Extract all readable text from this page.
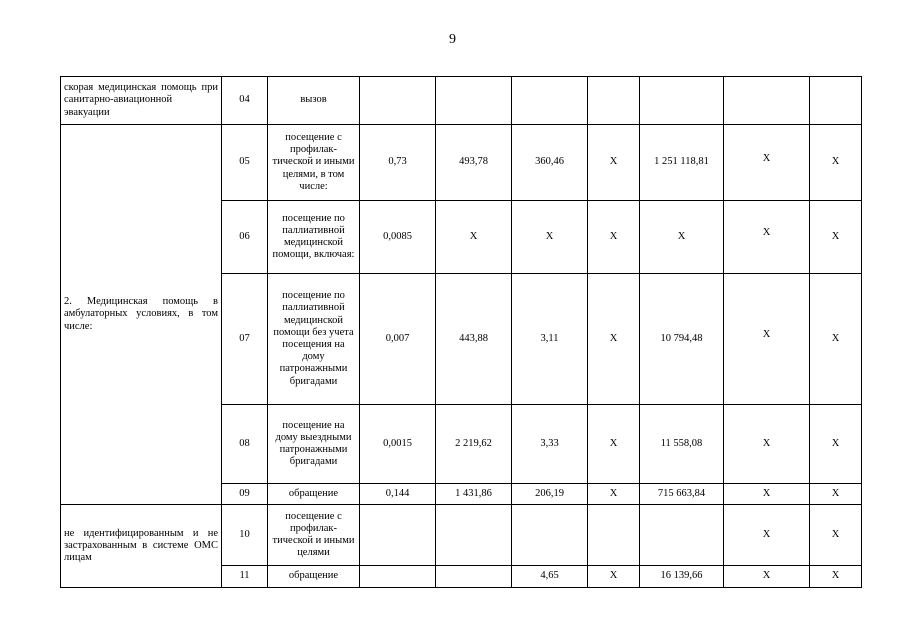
9
скорая медицинская помощь при санитарно-авиационной эвакуации	04	вызов							
2. Медицинская помощь в амбулаторных условиях, в том числе:	05	посещение с профилак-тической и иными целями, в том числе:	0,73	493,78	360,46	X	1 251 118,81	X	X
	06	посещение по паллиативной медицинской помощи, включая:	0,0085	X	X	X	X	X	X
	07	посещение по паллиативной медицинской помощи без учета посещения на дому патронажными бригадами	0,007	443,88	3,11	X	10 794,48	X	X
	08	посещение на дому выездными патронажными бригадами	0,0015	2 219,62	3,33	X	11 558,08	X	X
	09	обращение	0,144	1 431,86	206,19	X	715 663,84	X	X
не идентифицированным и не застрахованным в системе ОМС лицам	10	посещение с профилак-тической и иными целями						X	X
	11	обращение			4,65	X	16 139,66	X	X
